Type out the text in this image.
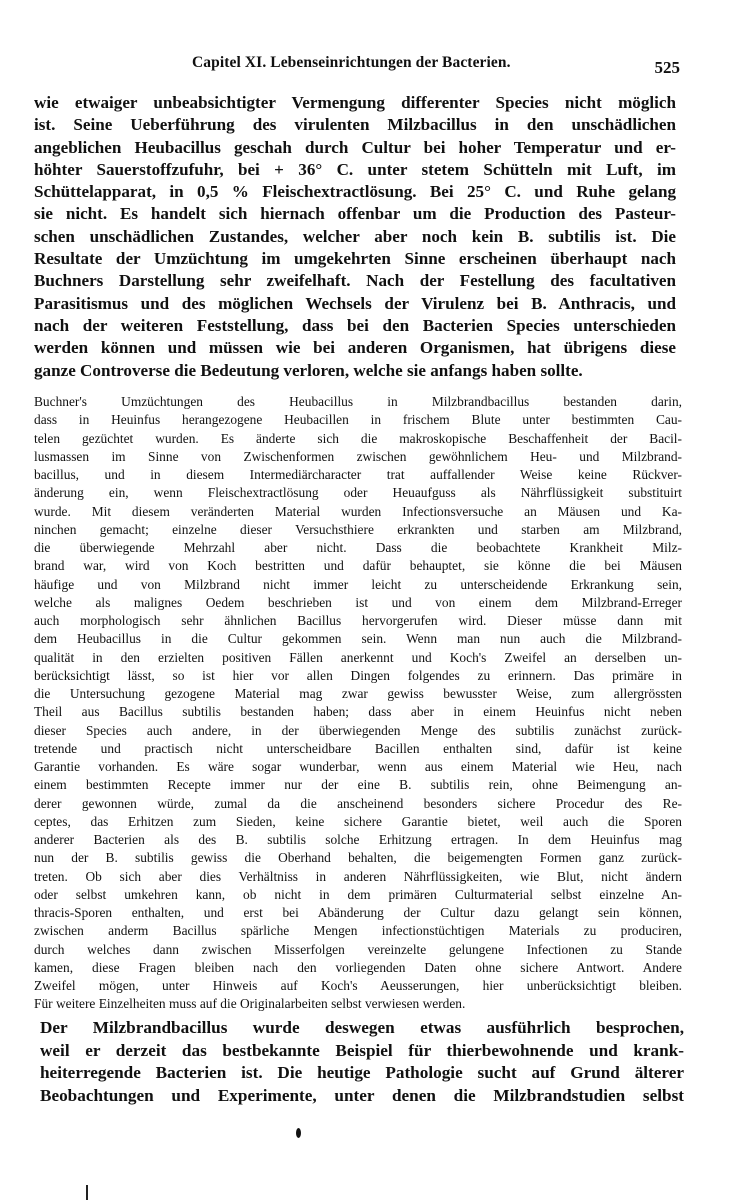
Capitel XI. Lebenseinrichtungen der Bacterien.	525
wie etwaiger unbeabsichtigter Vermengung differenter Species nicht möglich
ist. Seine Ueberführung des virulenten Milzbacillus in den unschädlichen
angeblichen Heubacillus geschah durch Cultur bei hoher Temperatur und er-
höhter Sauerstoffzufuhr, bei + 36° C. unter stetem Schütteln mit Luft, im
Schüttelapparat, in 0,5 % Fleischextractlösung. Bei 25° C. und Ruhe gelang
sie nicht. Es handelt sich hiernach offenbar um die Production des Pasteur-
schen unschädlichen Zustandes, welcher aber noch kein B. subtilis ist. Die
Resultate der Umzüchtung im umgekehrten Sinne erscheinen überhaupt nach
Buchners Darstellung sehr zweifelhaft. Nach der Festellung des facultativen
Parasitismus und des möglichen Wechsels der Virulenz bei B. Anthracis, und
nach der weiteren Feststellung, dass bei den Bacterien Species unterschieden
werden können und müssen wie bei anderen Organismen, hat übrigens diese
ganze Controverse die Bedeutung verloren, welche sie anfangs haben sollte.
Buchner's Umzüchtungen des Heubacillus in Milzbrandbacillus bestanden darin,
dass in Heuinfus herangezogene Heubacillen in frischem Blute unter bestimmten Cau-
telen gezüchtet wurden. Es änderte sich die makroskopische Beschaffenheit der Bacil-
lusmassen im Sinne von Zwischenformen zwischen gewöhnlichem Heu- und Milzbrand-
bacillus, und in diesem Intermediärcharacter trat auffallender Weise keine Rückver-
änderung ein, wenn Fleischextractlösung oder Heuaufguss als Nährflüssigkeit substituirt
wurde. Mit diesem veränderten Material wurden Infectionsversuche an Mäusen und Ka-
ninchen gemacht; einzelne dieser Versuchsthiere erkrankten und starben am Milzbrand,
die überwiegende Mehrzahl aber nicht. Dass die beobachtete Krankheit Milz-
brand war, wird von Koch bestritten und dafür behauptet, sie könne die bei Mäusen
häufige und von Milzbrand nicht immer leicht zu unterscheidende Erkrankung sein,
welche als malignes Oedem beschrieben ist und von einem dem Milzbrand-Erreger
auch morphologisch sehr ähnlichen Bacillus hervorgerufen wird. Dieser müsse dann mit
dem Heubacillus in die Cultur gekommen sein. Wenn man nun auch die Milzbrand-
qualität in den erzielten positiven Fällen anerkennt und Koch's Zweifel an derselben un-
berücksichtigt lässt, so ist hier vor allen Dingen folgendes zu erinnern. Das primäre in
die Untersuchung gezogene Material mag zwar gewiss bewusster Weise, zum allergrössten
Theil aus Bacillus subtilis bestanden haben; dass aber in einem Heuinfus nicht neben
dieser Species auch andere, in der überwiegenden Menge des subtilis zunächst zurück-
tretende und practisch nicht unterscheidbare Bacillen enthalten sind, dafür ist keine
Garantie vorhanden. Es wäre sogar wunderbar, wenn aus einem Material wie Heu, nach
einem bestimmten Recepte immer nur der eine B. subtilis rein, ohne Beimengung an-
derer gewonnen würde, zumal da die anscheinend besonders sichere Procedur des Re-
ceptes, das Erhitzen zum Sieden, keine sichere Garantie bietet, weil auch die Sporen
anderer Bacterien als des B. subtilis solche Erhitzung ertragen. In dem Heuinfus mag
nun der B. subtilis gewiss die Oberhand behalten, die beigemengten Formen ganz zurück-
treten. Ob sich aber dies Verhältniss in anderen Nährflüssigkeiten, wie Blut, nicht ändern
oder selbst umkehren kann, ob nicht in dem primären Culturmaterial selbst einzelne An-
thracis-Sporen enthalten, und erst bei Abänderung der Cultur dazu gelangt sein können,
zwischen anderm Bacillus spärliche Mengen infectionstüchtigen Materials zu produciren,
durch welches dann zwischen Misserfolgen vereinzelte gelungene Infectionen zu Stande
kamen, diese Fragen bleiben nach den vorliegenden Daten ohne sichere Antwort. Andere
Zweifel mögen, unter Hinweis auf Koch's Aeusserungen, hier unberücksichtigt bleiben.
Für weitere Einzelheiten muss auf die Originalarbeiten selbst verwiesen werden.
Der Milzbrandbacillus wurde deswegen etwas ausführlich besprochen,
weil er derzeit das bestbekannte Beispiel für thierbewohnende und krank-
heiterregende Bacterien ist. Die heutige Pathologie sucht auf Grund älterer
Beobachtungen und Experimente, unter denen die Milzbrandstudien selbst
